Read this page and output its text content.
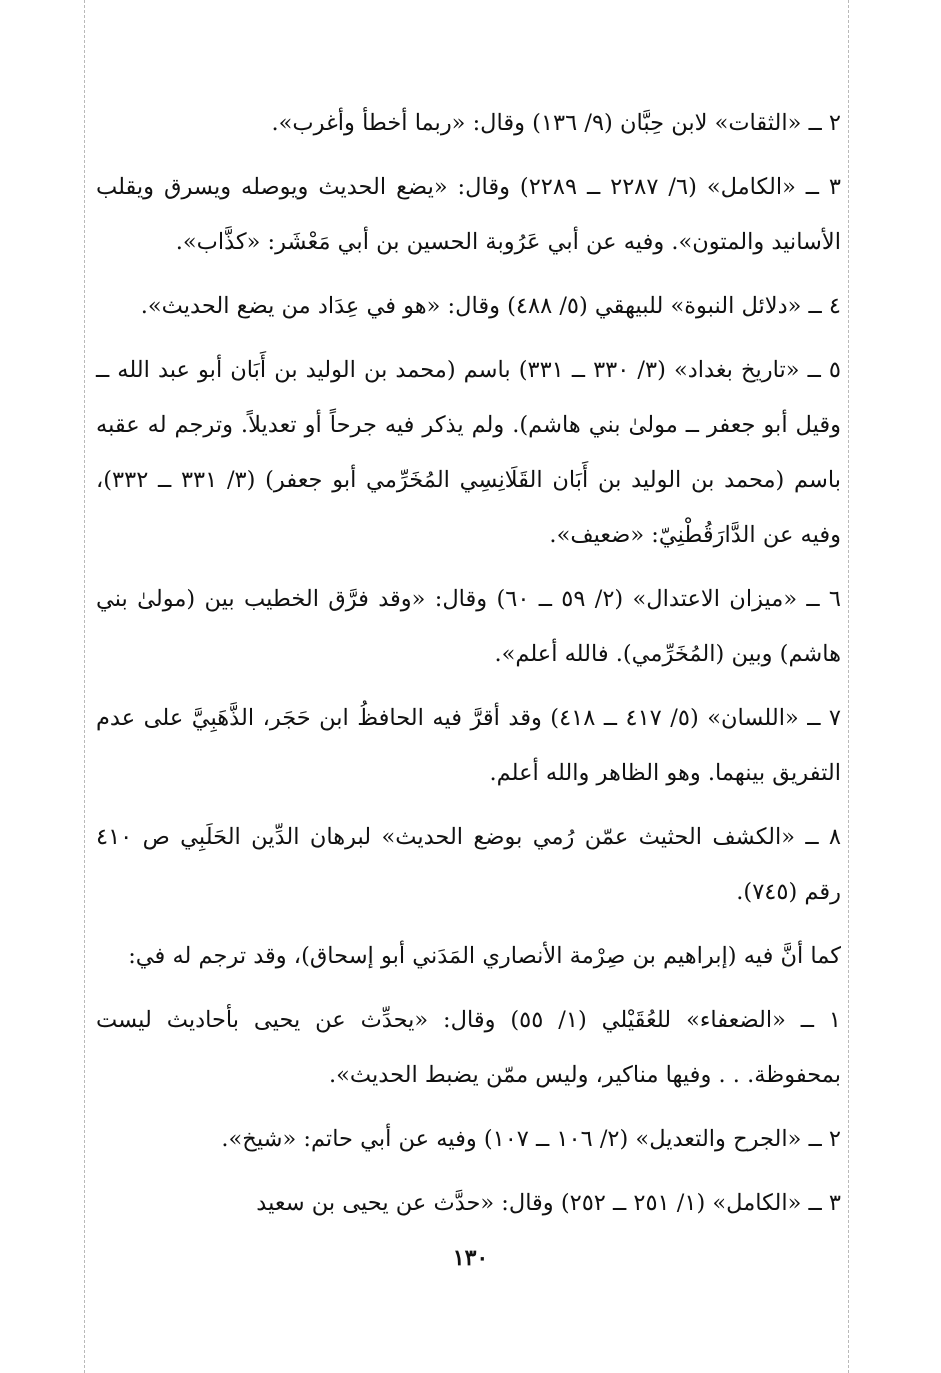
٢ ــ «الثقات» لابن حِبَّان (٩/ ١٣٦) وقال: «ربما أخطأ وأغرب».

٣ ــ «الكامل» (٦/ ٢٢٨٧ ــ ٢٢٨٩) وقال: «يضع الحديث ويوصله ويسرق ويقلب الأسانيد والمتون». وفيه عن أبي عَرُوبة الحسين بن أبي مَعْشَر: «كذَّاب».

٤ ــ «دلائل النبوة» للبيهقي (٥/ ٤٨٨) وقال: «هو في عِدَاد من يضع الحديث».

٥ ــ «تاريخ بغداد» (٣/ ٣٣٠ ــ ٣٣١) باسم (محمد بن الوليد بن أَبَان أبو عبد الله ــ وقيل أبو جعفر ــ مولىٰ بني هاشم). ولم يذكر فيه جرحاً أو تعديلاً. وترجم له عقبه باسم (محمد بن الوليد بن أَبَان القَلَانِسِي المُخَرِّمي أبو جعفر) (٣/ ٣٣١ ــ ٣٣٢)، وفيه عن الدَّارَقُطْنِيّ: «ضعيف».

٦ ــ «ميزان الاعتدال» (٢/ ٥٩ ــ ٦٠) وقال: «وقد فرَّق الخطيب بين (مولىٰ بني هاشم) وبين (المُخَرِّمي). فالله أعلم».

٧ ــ «اللسان» (٥/ ٤١٧ ــ ٤١٨) وقد أقرَّ فيه الحافظُ ابن حَجَر، الذَّهَبِيَّ على عدم التفريق بينهما. وهو الظاهر والله أعلم.

٨ ــ «الكشف الحثيث عمّن رُمي بوضع الحديث» لبرهان الدِّين الحَلَبِي ص ٤١٠ رقم (٧٤٥).

كما أنَّ فيه (إبراهيم بن صِرْمة الأنصاري المَدَني أبو إسحاق)، وقد ترجم له في:

١ ــ «الضعفاء» للعُقَيْلي (١/ ٥٥) وقال: «يحدِّث عن يحيى بأحاديث ليست بمحفوظة. . . وفيها مناكير، وليس ممّن يضبط الحديث».

٢ ــ «الجرح والتعديل» (٢/ ١٠٦ ــ ١٠٧) وفيه عن أبي حاتم: «شيخ».

٣ ــ «الكامل» (١/ ٢٥١ ــ ٢٥٢) وقال: «حدَّث عن يحيى بن سعيد

١٣٠
